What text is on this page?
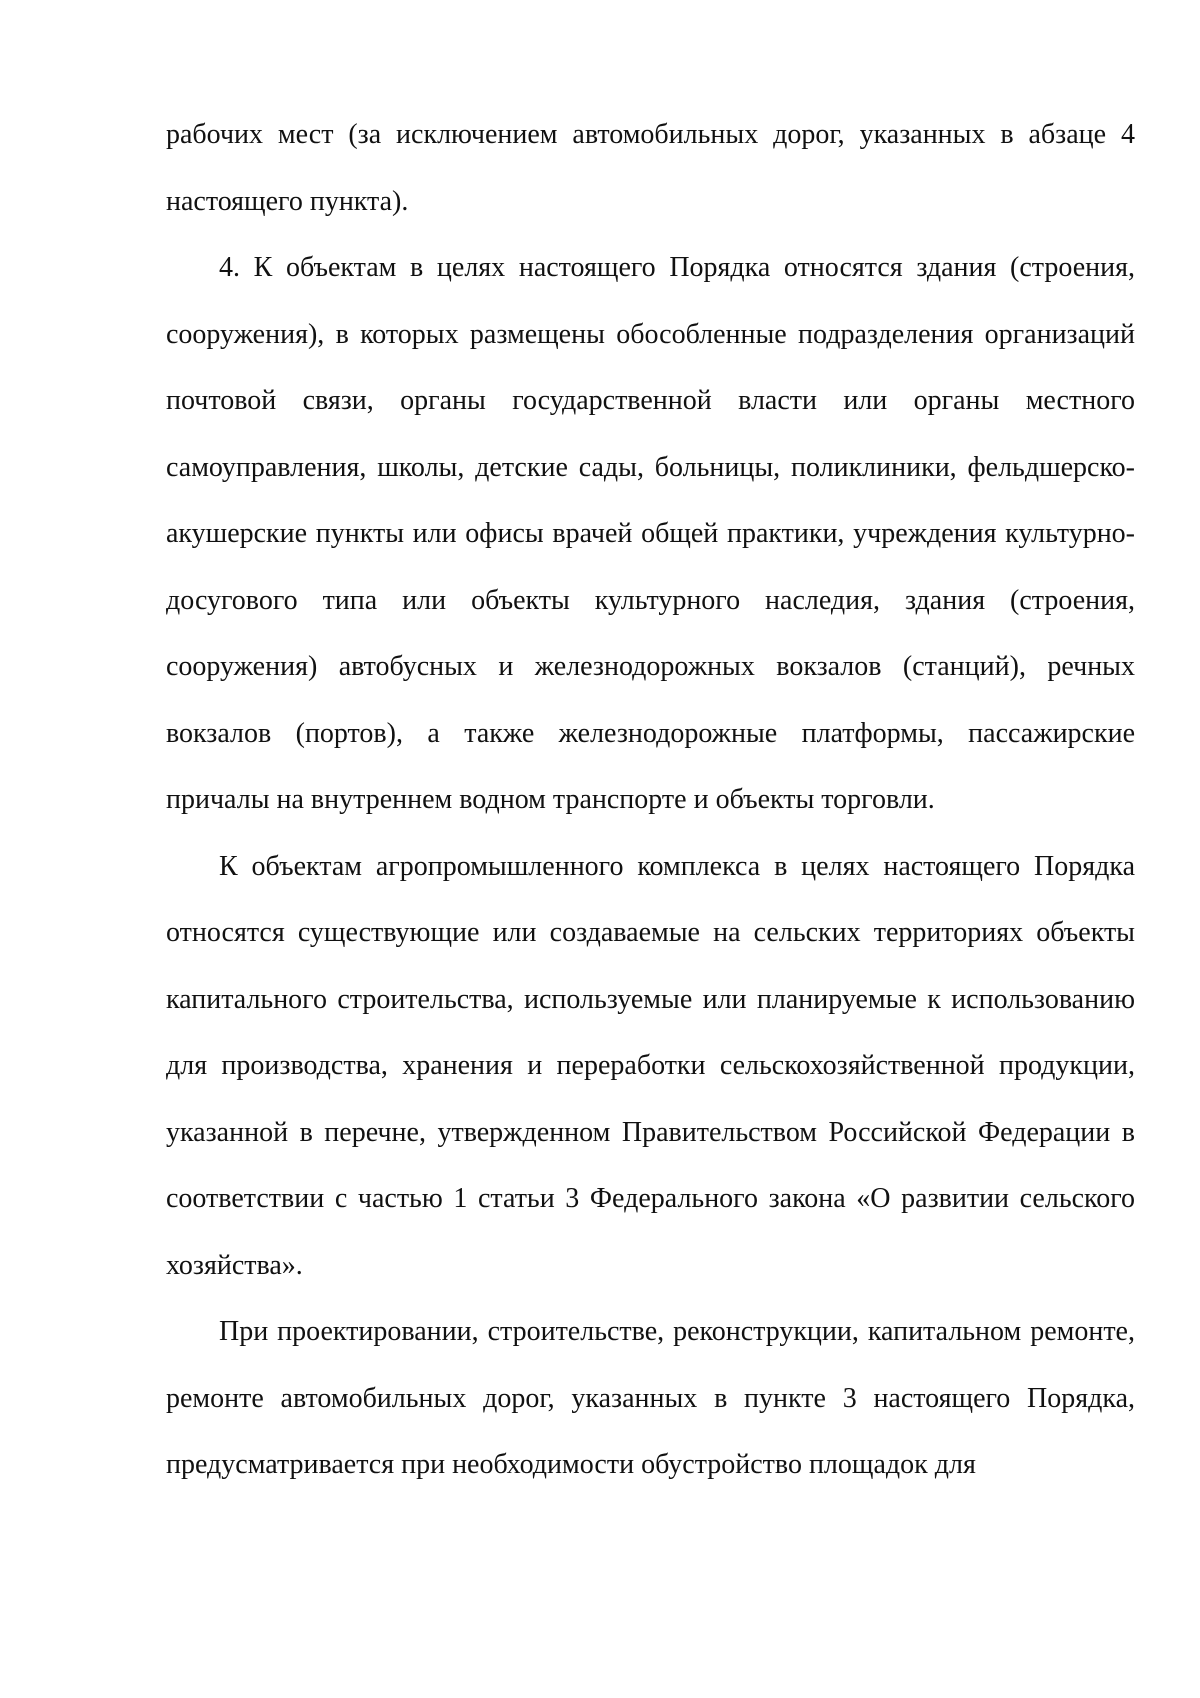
рабочих мест (за исключением автомобильных дорог, указанных в абзаце 4 настоящего пункта).

4. К объектам в целях настоящего Порядка относятся здания (строения, сооружения), в которых размещены обособленные подразделения организаций почтовой связи, органы государственной власти или органы местного самоуправления, школы, детские сады, больницы, поликлиники, фельдшерско-акушерские пункты или офисы врачей общей практики, учреждения культурно-досугового типа или объекты культурного наследия, здания (строения, сооружения) автобусных и железнодорожных вокзалов (станций), речных вокзалов (портов), а также железнодорожные платформы, пассажирские причалы на внутреннем водном транспорте и объекты торговли.

К объектам агропромышленного комплекса в целях настоящего Порядка относятся существующие или создаваемые на сельских территориях объекты капитального строительства, используемые или планируемые к использованию для производства, хранения и переработки сельскохозяйственной продукции, указанной в перечне, утвержденном Правительством Российской Федерации в соответствии с частью 1 статьи 3 Федерального закона «О развитии сельского хозяйства».

При проектировании, строительстве, реконструкции, капитальном ремонте, ремонте автомобильных дорог, указанных в пункте 3 настоящего Порядка, предусматривается при необходимости обустройство площадок для
